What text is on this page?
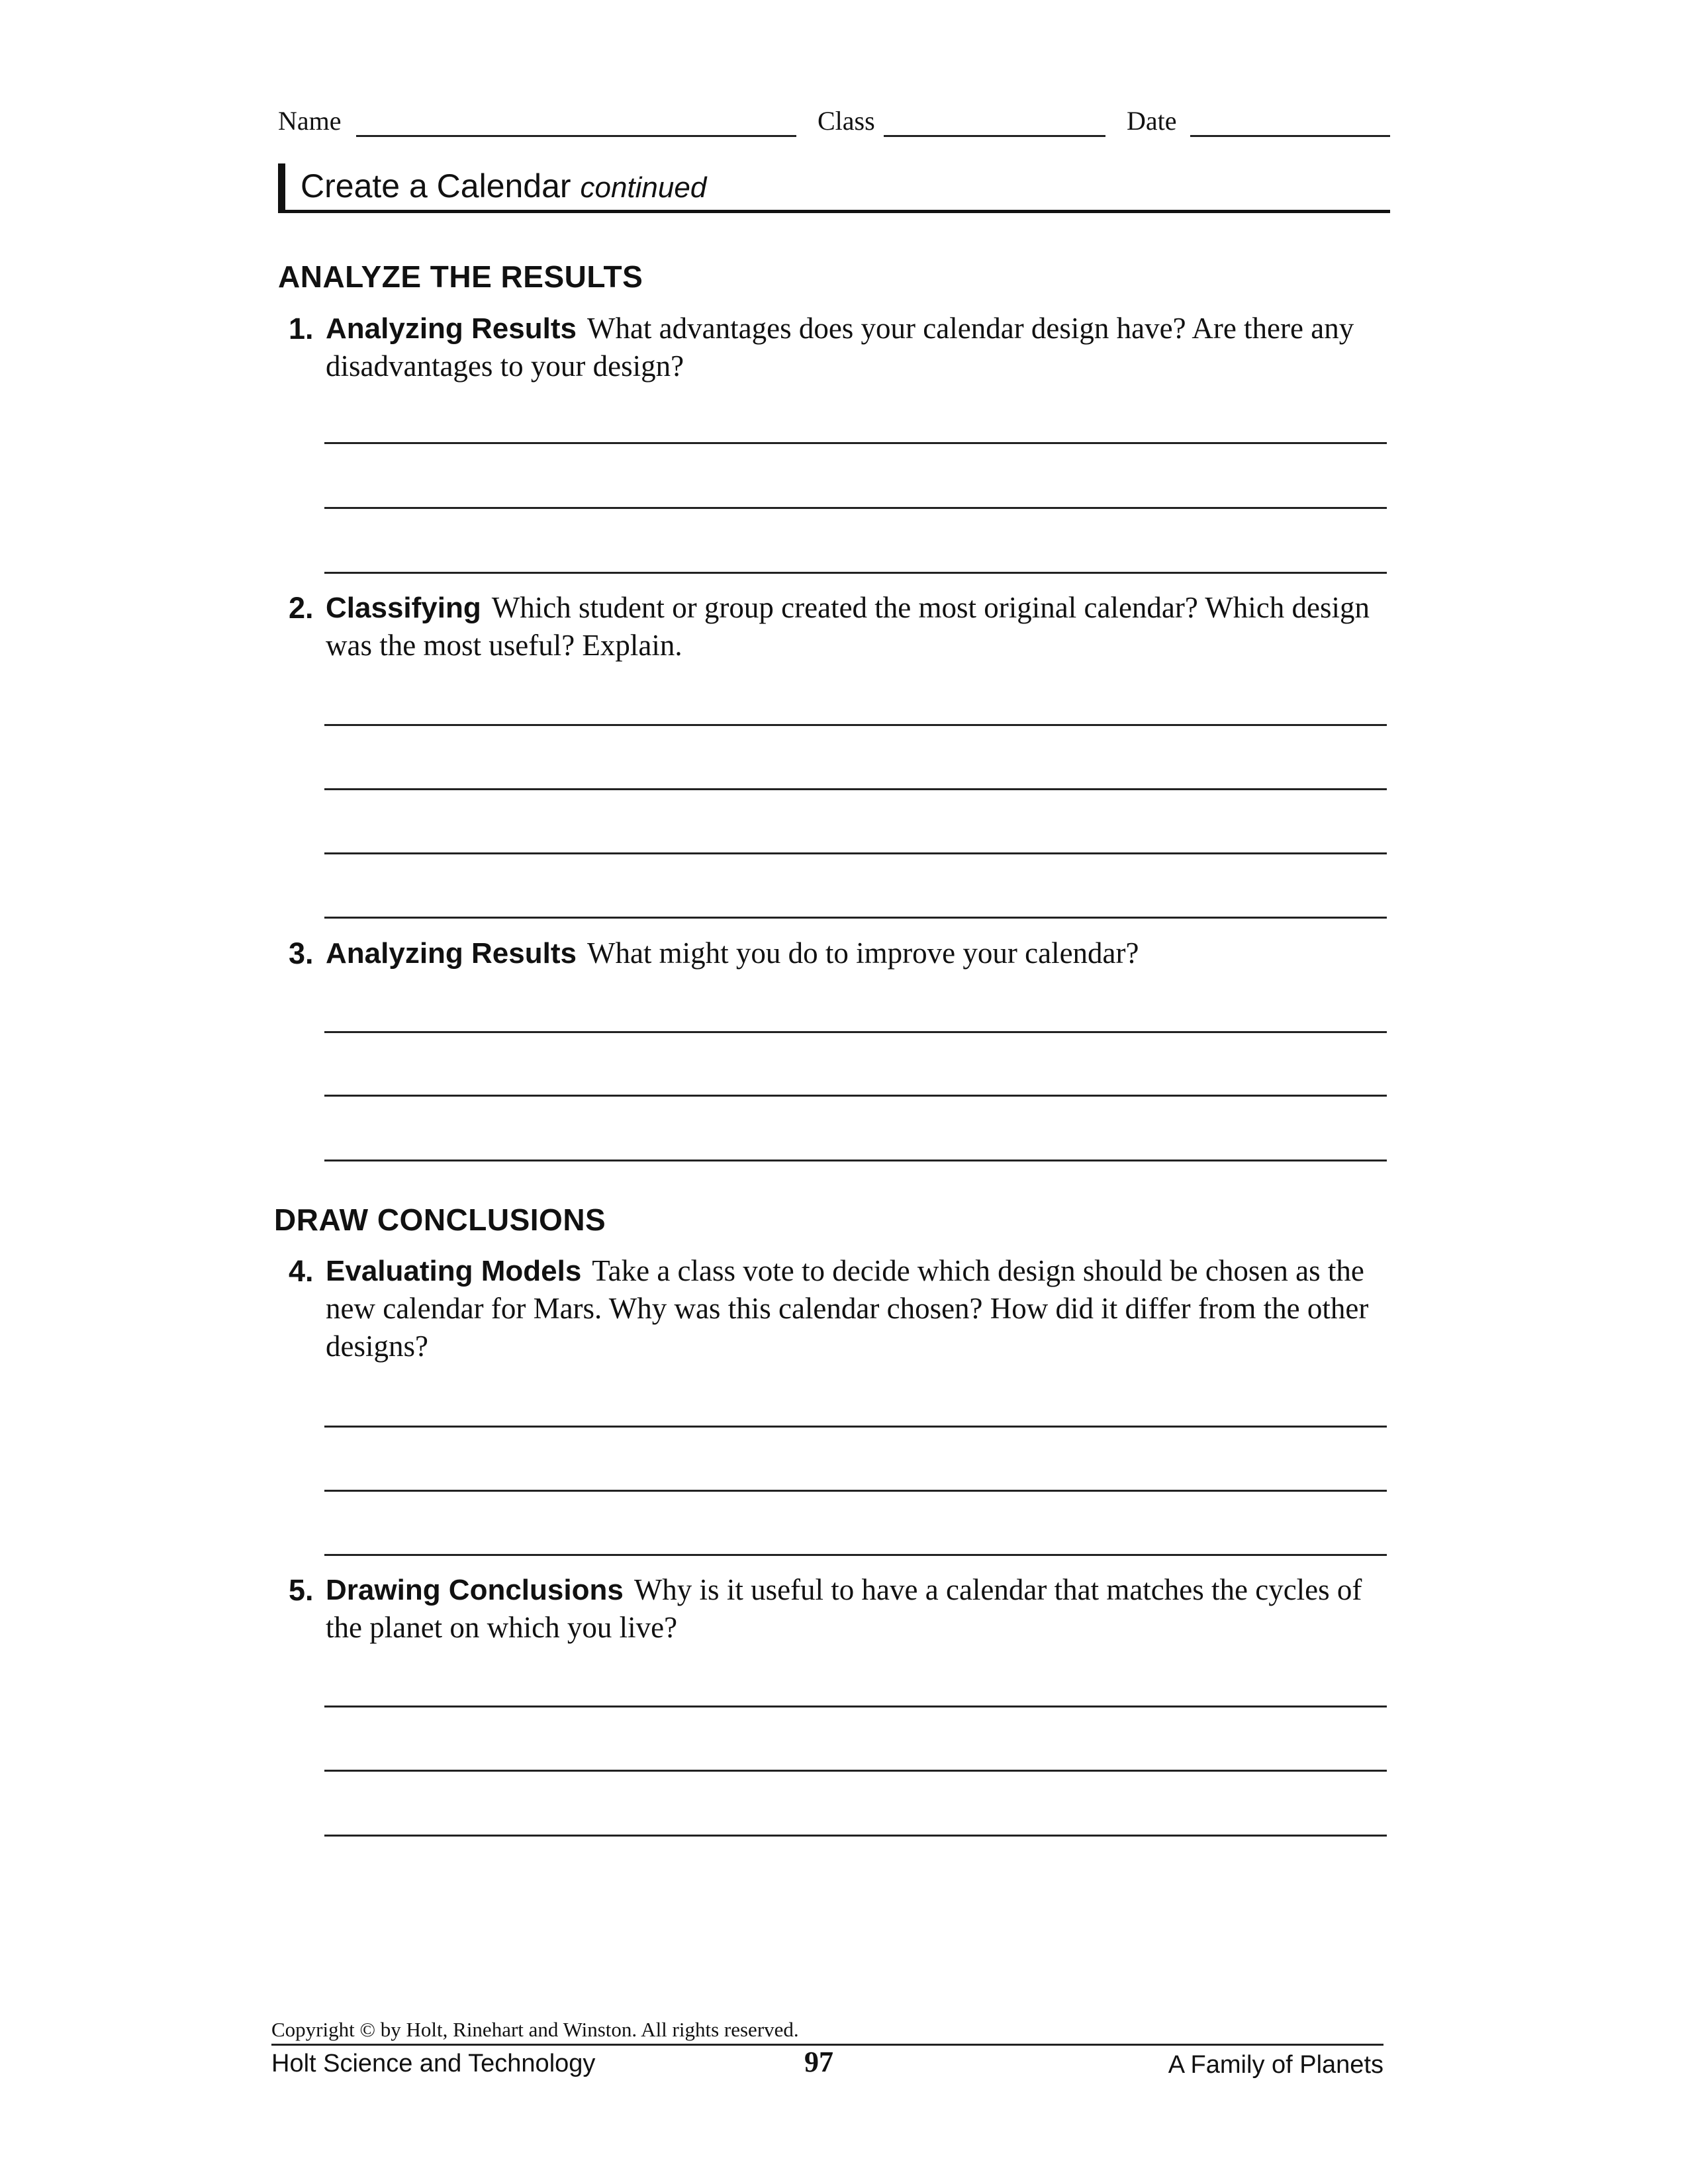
Name	Class	Date
Create a Calendar continued
ANALYZE THE RESULTS
1. Analyzing Results What advantages does your calendar design have? Are there any disadvantages to your design?
2. Classifying Which student or group created the most original calendar? Which design was the most useful? Explain.
3. Analyzing Results What might you do to improve your calendar?
DRAW CONCLUSIONS
4. Evaluating Models Take a class vote to decide which design should be chosen as the new calendar for Mars. Why was this calendar chosen? How did it differ from the other designs?
5. Drawing Conclusions Why is it useful to have a calendar that matches the cycles of the planet on which you live?
Copyright © by Holt, Rinehart and Winston. All rights reserved.
Holt Science and Technology	97	A Family of Planets
